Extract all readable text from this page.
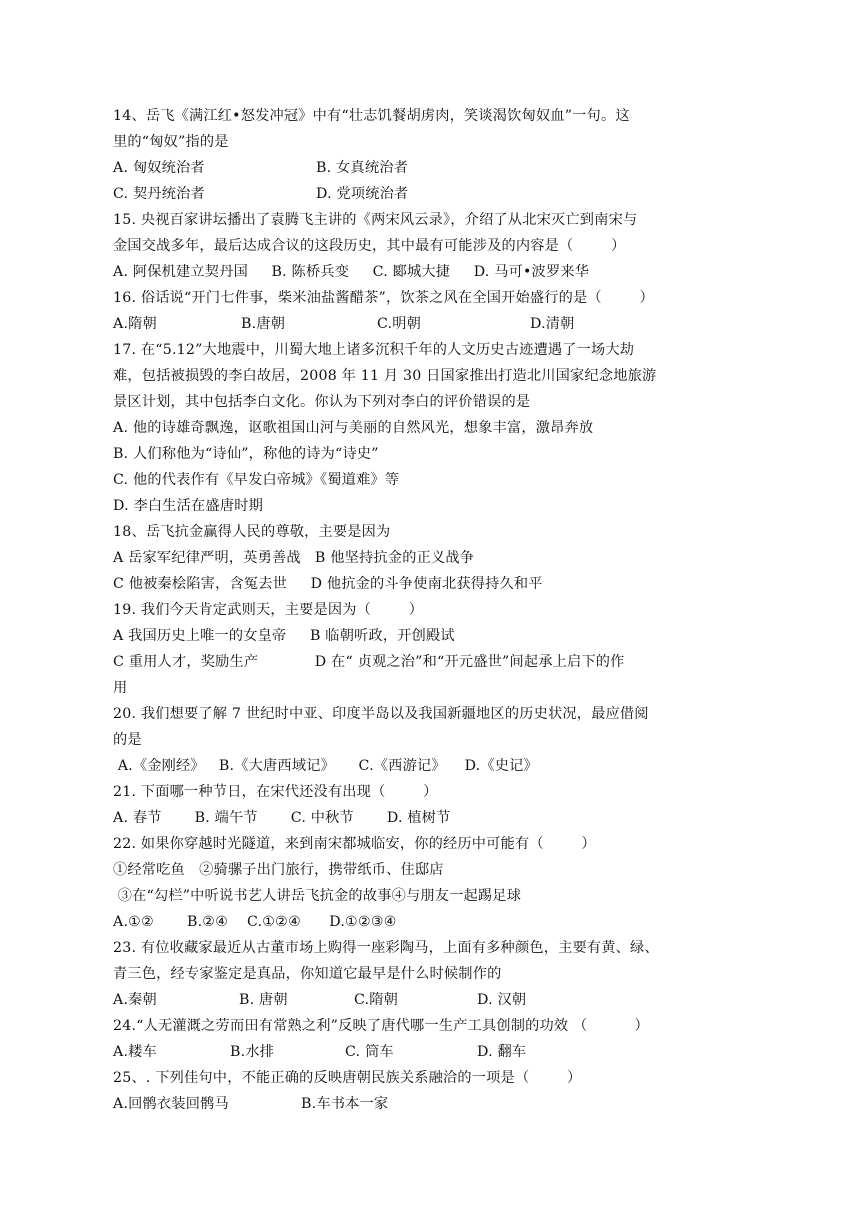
14、岳飞《满江红•怒发冲冠》中有“壮志饥餐胡虏肉，笑谈渴饮匈奴血”一句。这
里的“匈奴”指的是
A. 匈奴统治者	B. 女真统治者
C. 契丹统治者	D. 党项统治者
15. 央视百家讲坛播出了袁腾飞主讲的《两宋风云录》，介绍了从北宋灭亡到南宋与
金国交战多年，最后达成合议的这段历史，其中最有可能涉及的内容是（        ）
A. 阿保机建立契丹国     B. 陈桥兵变     C. 郾城大捷     D. 马可•波罗来华
16. 俗话说“开门七件事，柴米油盐酱醋茶”，饮茶之风在全国开始盛行的是（        ）
A.隋朝	B.唐朝	C.明朝	D.清朝
17. 在“5.12”大地震中，川蜀大地上诸多沉积千年的人文历史古迹遭遇了一场大劫
难，包括被损毁的李白故居，2008 年 11 月 30 日国家推出打造北川国家纪念地旅游
景区计划，其中包括李白文化。你认为下列对李白的评价错误的是
A. 他的诗雄奇飘逸，讴歌祖国山河与美丽的自然风光，想象丰富，激昂奔放
B. 人们称他为“诗仙”，称他的诗为“诗史”
C. 他的代表作有《早发白帝城》《蜀道难》等
D. 李白生活在盛唐时期
18、岳飞抗金赢得人民的尊敬，主要是因为
A 岳家军纪律严明，英勇善战   B 他坚持抗金的正义战争
C 他被秦桧陷害，含冤去世     D 他抗金的斗争使南北获得持久和平
19. 我们今天肯定武则天，主要是因为（        ）
A 我国历史上唯一的女皇帝     B 临朝听政，开创殿试
C 重用人才，奖励生产            D 在“ 贞观之治”和“开元盛世”间起承上启下的作
用
20. 我们想要了解 7 世纪时中亚、印度半岛以及我国新疆地区的历史状况，最应借阅
的是
A.《金刚经》   B.《大唐西域记》     C.《西游记》    D.《史记》
21. 下面哪一种节日，在宋代还没有出现（        ）
A. 春节       B. 端午节       C. 中秋节       D. 植树节
22. 如果你穿越时光隧道，来到南宋都城临安，你的经历中可能有（        ）
①经常吃鱼   ②骑骡子出门旅行，携带纸币、住邸店
③在“勾栏”中听说书艺人讲岳飞抗金的故事④与朋友一起踢足球
A.①②       B.②④    C.①②④      D.①②③④
23. 有位收藏家最近从古董市场上购得一座彩陶马，上面有多种颜色，主要有黄、绿、
青三色，经专家鉴定是真品，你知道它最早是什么时候制作的
A.秦朝	B. 唐朝	C.隋朝	D. 汉朝
24.“人无灌溉之劳而田有常熟之利”反映了唐代哪一生产工具创制的功效 （          ）
A.耧车	B.水排	C. 筒车	D. 翻车
25、. 下列佳句中，不能正确的反映唐朝民族关系融洽的一项是（        ）
A.回鹘衣装回鹘马	B.车书本一家
